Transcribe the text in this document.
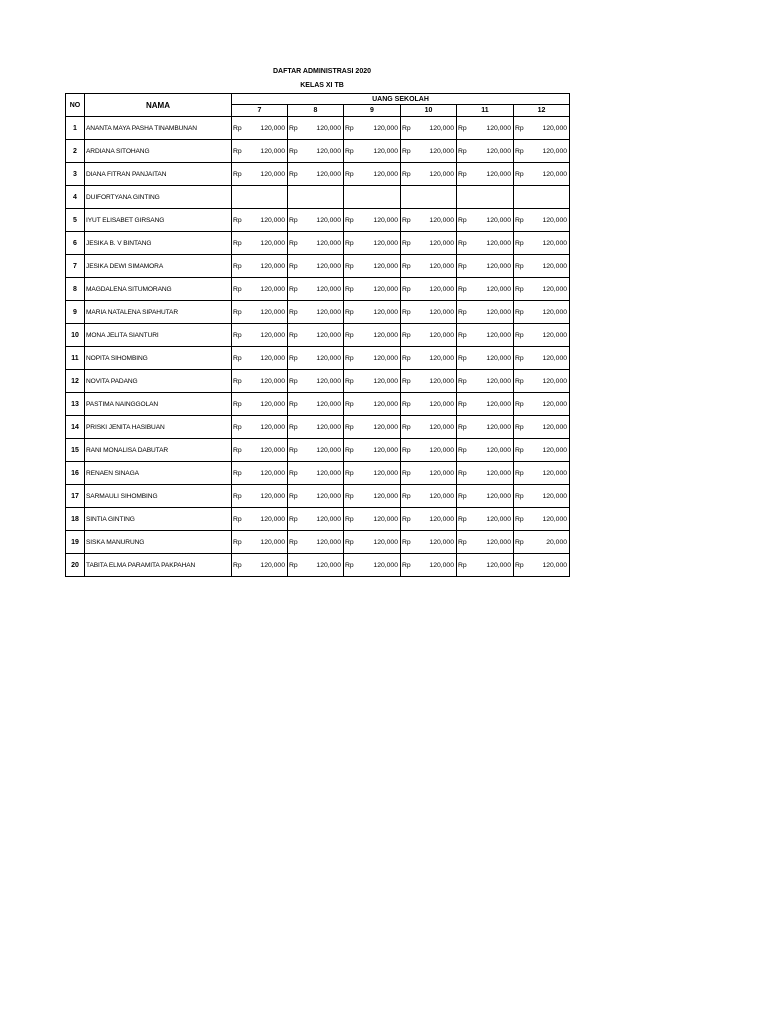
DAFTAR ADMINISTRASI 2020
KELAS XI TB
NO	NAMA	UANG SEKOLAH					
		7	8	9	10	11	12
1	ANANTA MAYA PASHA TINAMBUNAN	Rp 120,000	Rp 120,000	Rp 120,000	Rp 120,000	Rp 120,000	Rp 120,000

2	ARDIANA SITOHANG	Rp 120,000	Rp 120,000	Rp 120,000	Rp 120,000	Rp 120,000	Rp 120,000

3	DIANA FITRAN PANJAITAN	Rp 120,000	Rp 120,000	Rp 120,000	Rp 120,000	Rp 120,000	Rp 120,000

4	DUIFORTYANA GINTING						
5	IYUT ELISABET GIRSANG	Rp 120,000	Rp 120,000	Rp 120,000	Rp 120,000	Rp 120,000	Rp 120,000

6	JESIKA B. V BINTANG	Rp 120,000	Rp 120,000	Rp 120,000	Rp 120,000	Rp 120,000	Rp 120,000

7	JESIKA DEWI SIMAMORA	Rp 120,000	Rp 120,000	Rp 120,000	Rp 120,000	Rp 120,000	Rp 120,000

8	MAGDALENA SITUMORANG	Rp 120,000	Rp 120,000	Rp 120,000	Rp 120,000	Rp 120,000	Rp 120,000

9	MARIA NATALENA SIPAHUTAR	Rp 120,000	Rp 120,000	Rp 120,000	Rp 120,000	Rp 120,000	Rp 120,000

10	MONA JELITA SIANTURI	Rp 120,000	Rp 120,000	Rp 120,000	Rp 120,000	Rp 120,000	Rp 120,000

11	NOPITA SIHOMBING	Rp 120,000	Rp 120,000	Rp 120,000	Rp 120,000	Rp 120,000	Rp 120,000

12	NOVITA PADANG	Rp 120,000	Rp 120,000	Rp 120,000	Rp 120,000	Rp 120,000	Rp 120,000

13	PASTIMA NAINGGOLAN	Rp 120,000	Rp 120,000	Rp 120,000	Rp 120,000	Rp 120,000	Rp 120,000

14	PRISKI JENITA HASIBUAN	Rp 120,000	Rp 120,000	Rp 120,000	Rp 120,000	Rp 120,000	Rp 120,000

15	RANI MONALISA DABUTAR	Rp 120,000	Rp 120,000	Rp 120,000	Rp 120,000	Rp 120,000	Rp 120,000

16	RENAEN SINAGA	Rp 120,000	Rp 120,000	Rp 120,000	Rp 120,000	Rp 120,000	Rp 120,000

17	SARMAULI SIHOMBING	Rp 120,000	Rp 120,000	Rp 120,000	Rp 120,000	Rp 120,000	Rp 120,000

18	SINTIA GINTING	Rp 120,000	Rp 120,000	Rp 120,000	Rp 120,000	Rp 120,000	Rp 120,000

19	SISKA MANURUNG	Rp 120,000	Rp 120,000	Rp 120,000	Rp 120,000	Rp 120,000	Rp 20,000

20	TABITA ELMA PARAMITA PAKPAHAN	Rp 120,000	Rp 120,000	Rp 120,000	Rp 120,000	Rp 120,000	Rp 120,000
